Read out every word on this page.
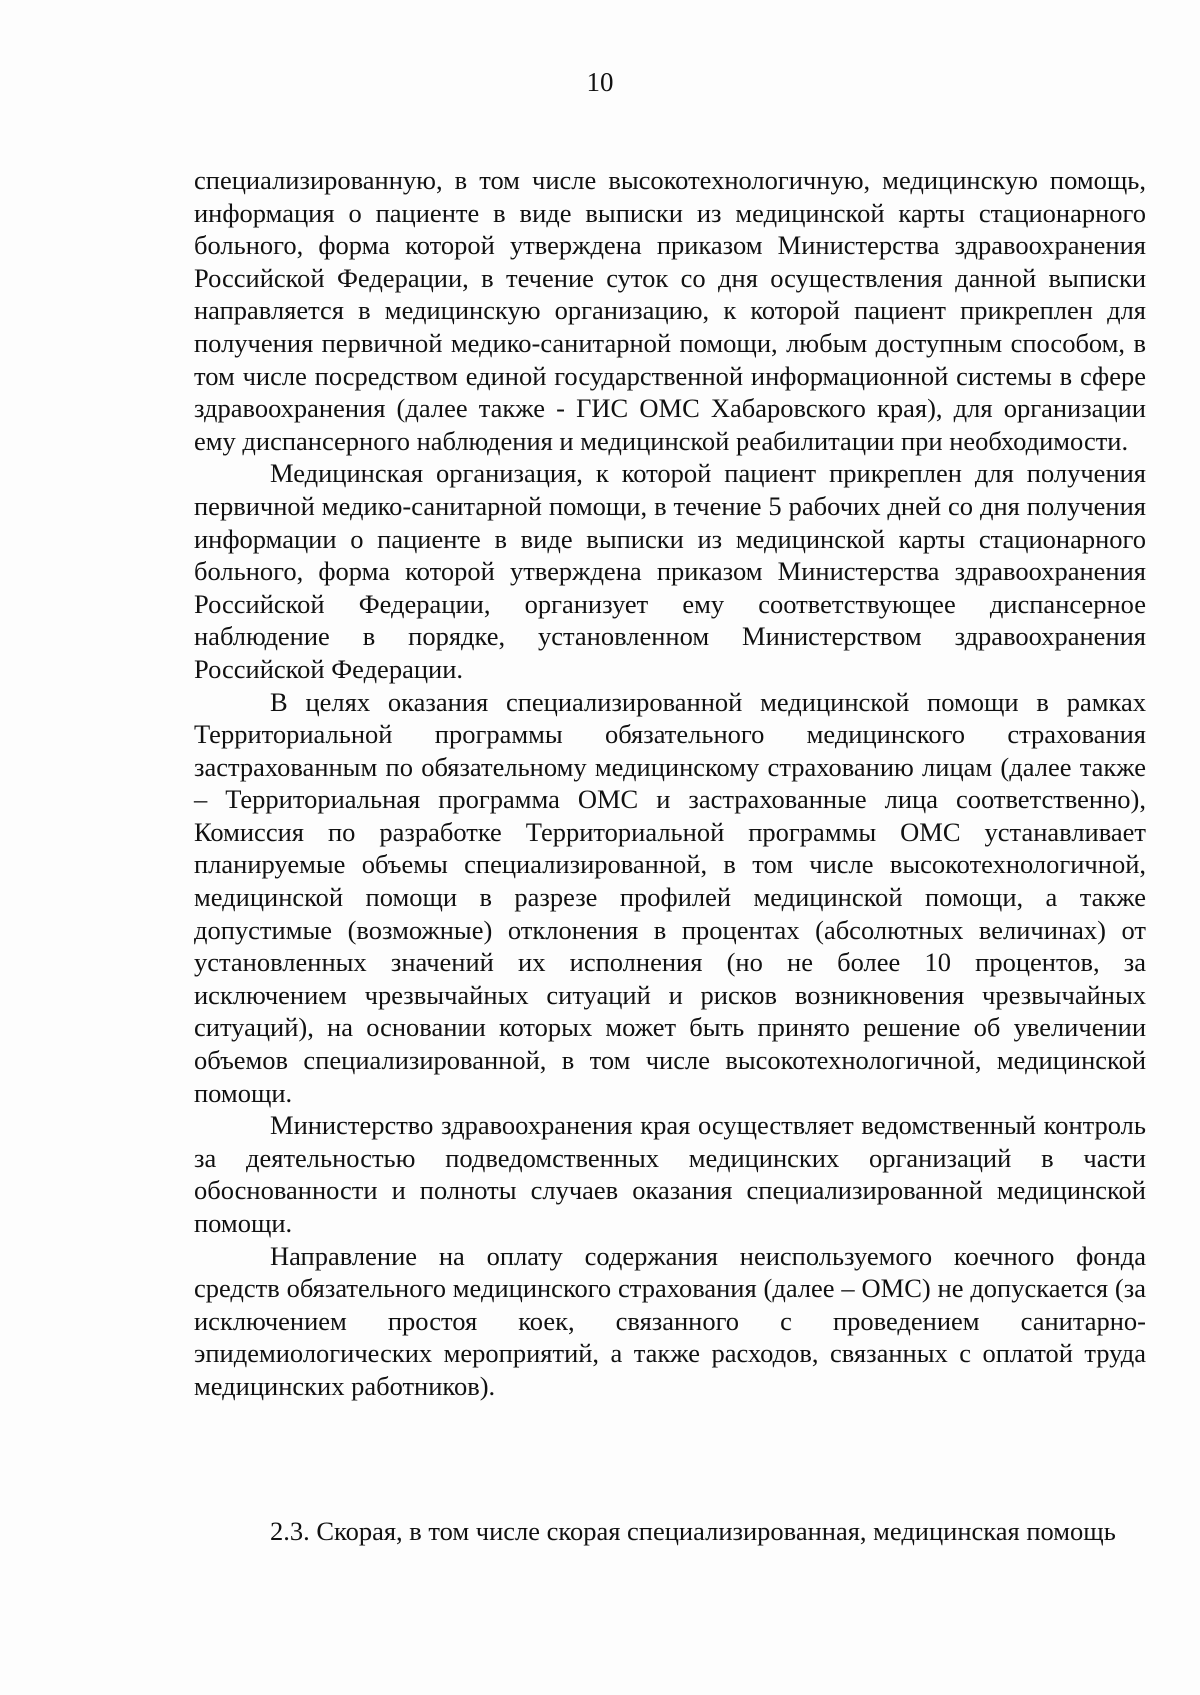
10

специализированную, в том числе высокотехнологичную, медицинскую помощь, информация о пациенте в виде выписки из медицинской карты стационарного больного, форма которой утверждена приказом Министерства здравоохранения Российской Федерации, в течение суток со дня осуществления данной выписки направляется в медицинскую организацию, к которой пациент прикреплен для получения первичной медико-санитарной помощи, любым доступным способом, в том числе посредством единой государственной информационной системы в сфере здравоохранения (далее также - ГИС ОМС Хабаровского края), для организации ему диспансерного наблюдения и медицинской реабилитации при необходимости.

Медицинская организация, к которой пациент прикреплен для получения первичной медико-санитарной помощи, в течение 5 рабочих дней со дня получения информации о пациенте в виде выписки из медицинской карты стационарного больного, форма которой утверждена приказом Министерства здравоохранения Российской Федерации, организует ему соответствующее диспансерное наблюдение в порядке, установленном Министерством здравоохранения Российской Федерации.

В целях оказания специализированной медицинской помощи в рамках Территориальной программы обязательного медицинского страхования застрахованным по обязательному медицинскому страхованию лицам (далее также – Территориальная программа ОМС и застрахованные лица соответственно), Комиссия по разработке Территориальной программы ОМС устанавливает планируемые объемы специализированной, в том числе высокотехнологичной, медицинской помощи в разрезе профилей медицинской помощи, а также допустимые (возможные) отклонения в процентах (абсолютных величинах) от установленных значений их исполнения (но не более 10 процентов, за исключением чрезвычайных ситуаций и рисков возникновения чрезвычайных ситуаций), на основании которых может быть принято решение об увеличении объемов специализированной, в том числе высокотехнологичной, медицинской помощи.

Министерство здравоохранения края осуществляет ведомственный контроль за деятельностью подведомственных медицинских организаций в части обоснованности и полноты случаев оказания специализированной медицинской помощи.

Направление на оплату содержания неиспользуемого коечного фонда средств обязательного медицинского страхования (далее – ОМС) не допускается (за исключением простоя коек, связанного с проведением санитарно-эпидемиологических мероприятий, а также расходов, связанных с оплатой труда медицинских работников).

2.3. Скорая, в том числе скорая специализированная, медицинская помощь
